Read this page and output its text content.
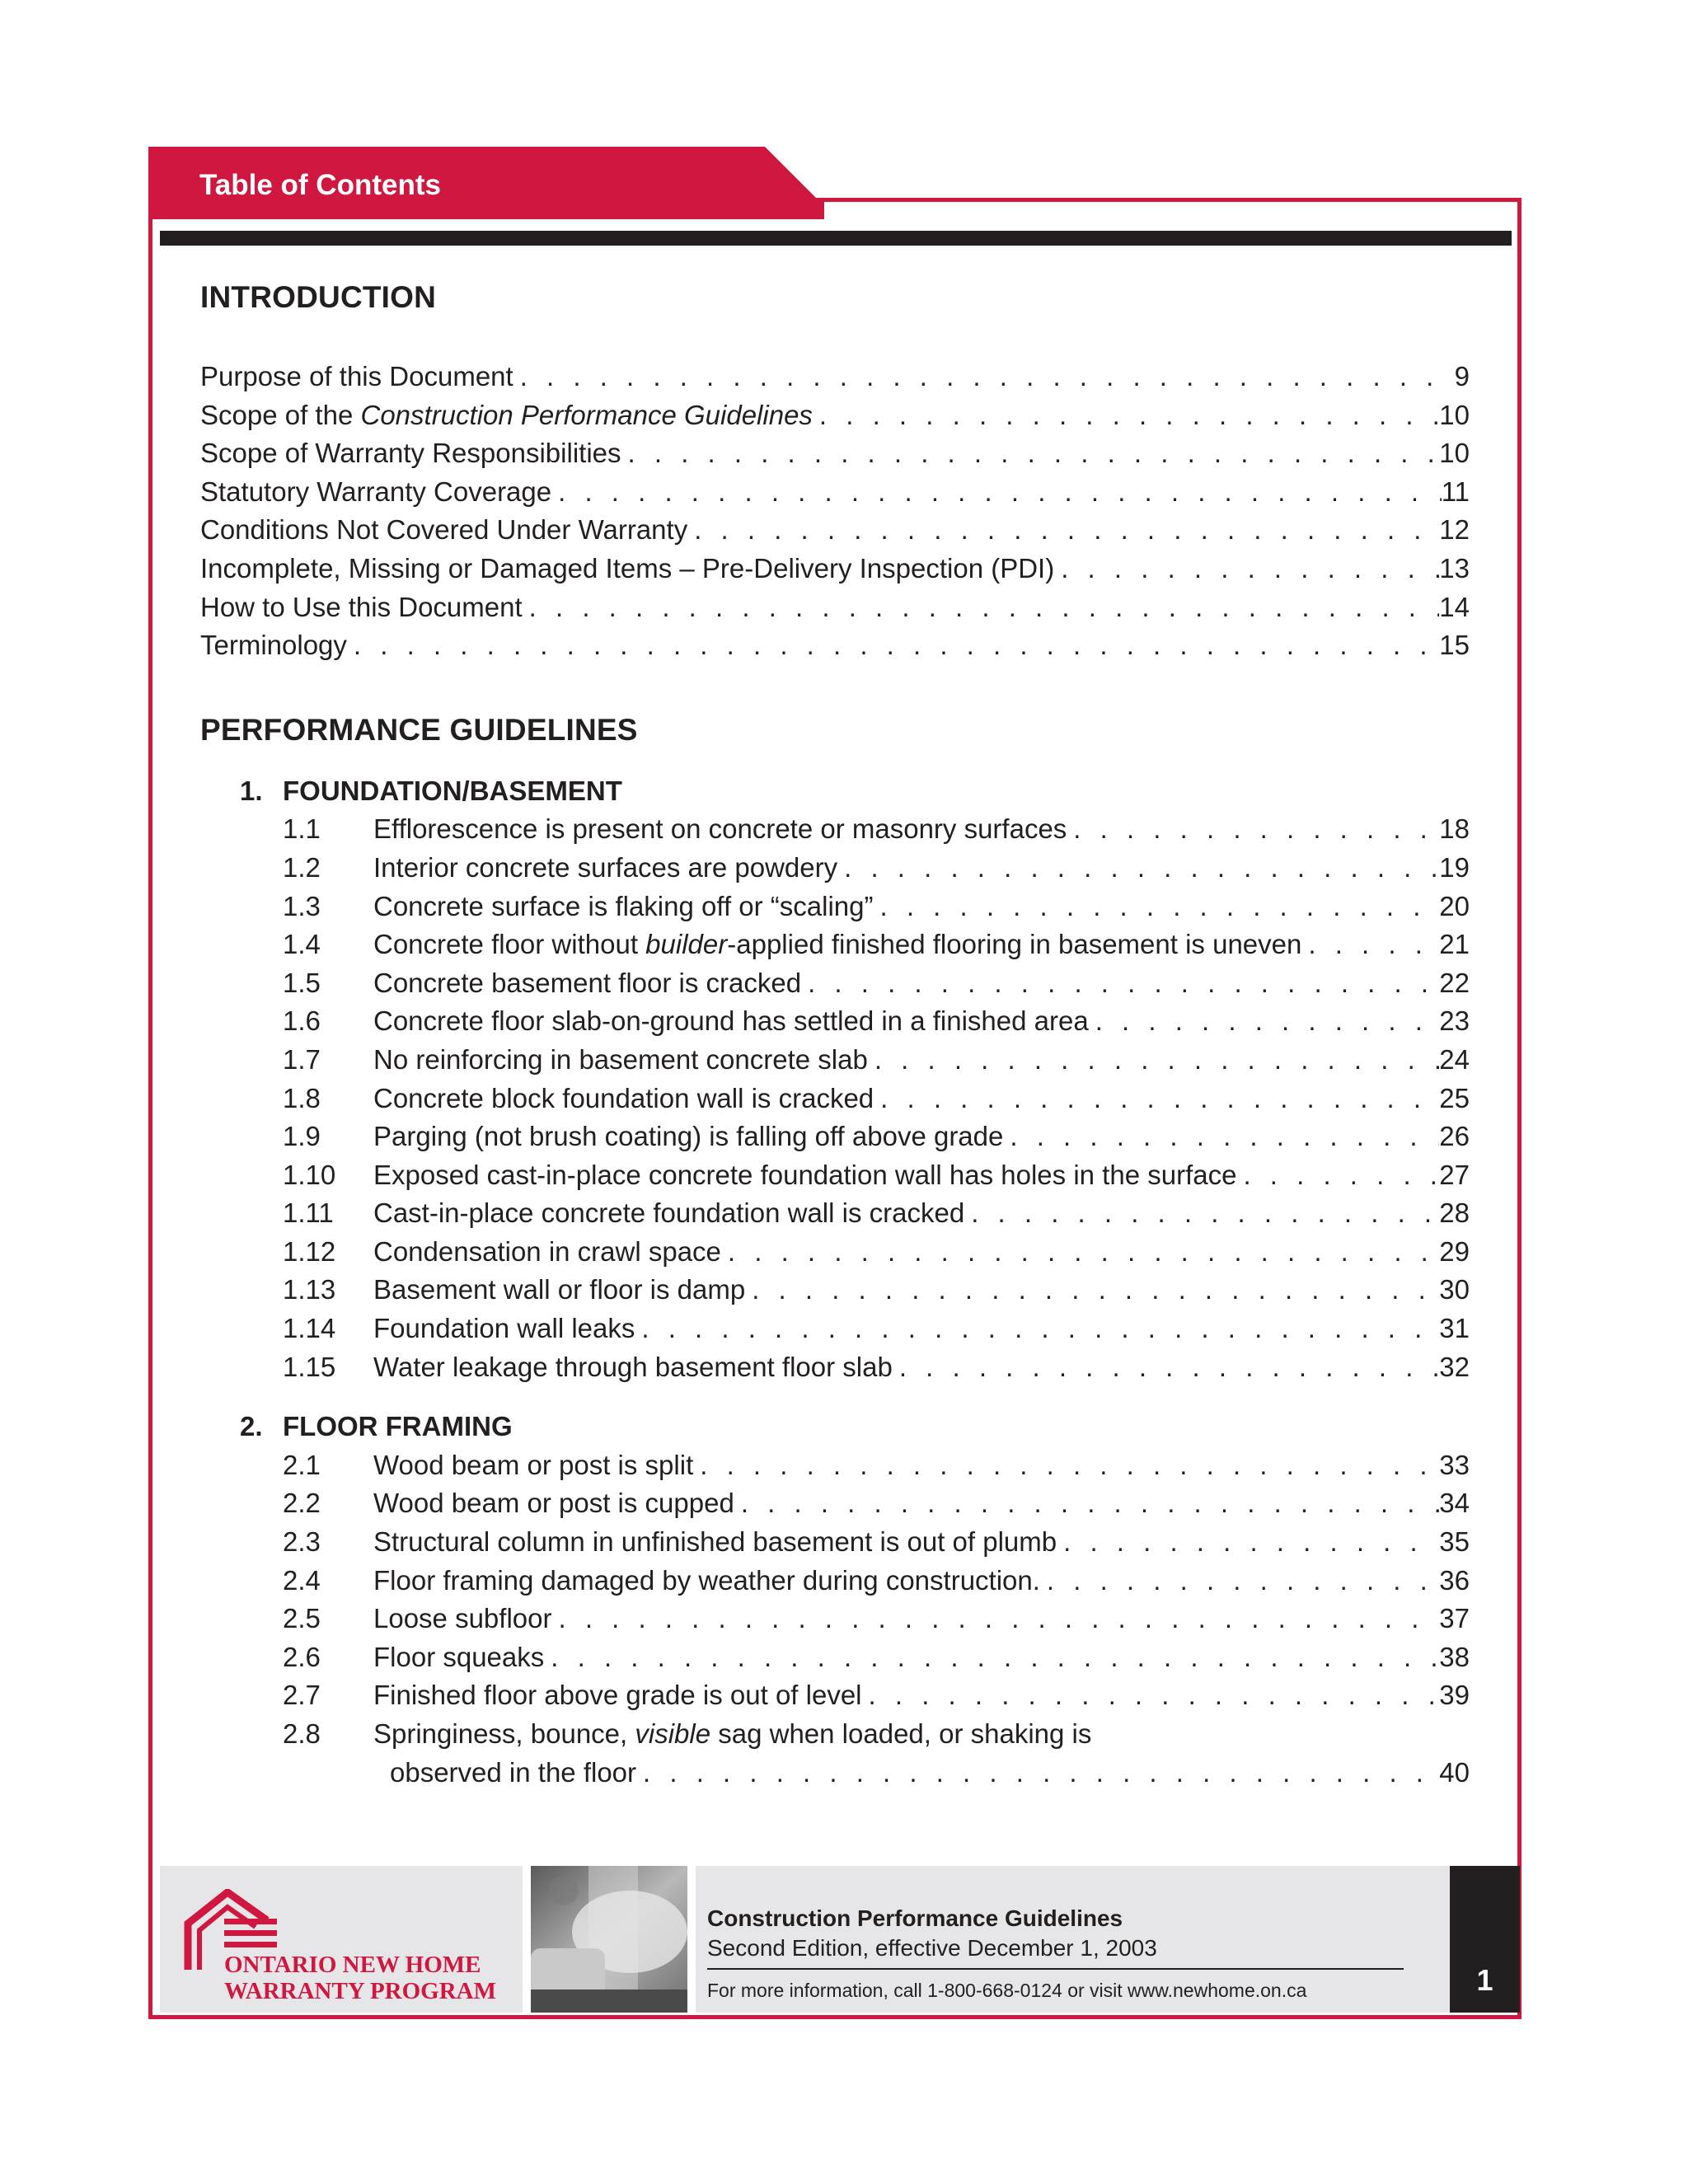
Table of Contents
INTRODUCTION
Purpose of this Document . . .	9
Scope of the Construction Performance Guidelines . . .	10
Scope of Warranty Responsibilities . . .	10
Statutory Warranty Coverage . . .	11
Conditions Not Covered Under Warranty . . .	12
Incomplete, Missing or Damaged Items – Pre-Delivery Inspection (PDI) . . .	13
How to Use this Document . . .	14
Terminology . . .	15
PERFORMANCE GUIDELINES
1. FOUNDATION/BASEMENT
1.1	Efflorescence is present on concrete or masonry surfaces . . .	18
1.2	Interior concrete surfaces are powdery . . .	19
1.3	Concrete surface is flaking off or “scaling” . . .	20
1.4	Concrete floor without builder-applied finished flooring in basement is uneven . . .	21
1.5	Concrete basement floor is cracked . . .	22
1.6	Concrete floor slab-on-ground has settled in a finished area . . .	23
1.7	No reinforcing in basement concrete slab . . .	24
1.8	Concrete block foundation wall is cracked . . .	25
1.9	Parging (not brush coating) is falling off above grade . . .	26
1.10	Exposed cast-in-place concrete foundation wall has holes in the surface . . .	27
1.11	Cast-in-place concrete foundation wall is cracked . . .	28
1.12	Condensation in crawl space . . .	29
1.13	Basement wall or floor is damp . . .	30
1.14	Foundation wall leaks . . .	31
1.15	Water leakage through basement floor slab . . .	32
2. FLOOR FRAMING
2.1	Wood beam or post is split . . .	33
2.2	Wood beam or post is cupped . . .	34
2.3	Structural column in unfinished basement is out of plumb . . .	35
2.4	Floor framing damaged by weather during construction. . . .	36
2.5	Loose subfloor . . .	37
2.6	Floor squeaks . . .	38
2.7	Finished floor above grade is out of level . . .	39
2.8	Springiness, bounce, visible sag when loaded, or shaking is
observed in the floor . . .	40
ONTARIO NEW HOME
WARRANTY PROGRAM
Construction Performance Guidelines
Second Edition, effective December 1, 2003
For more information, call 1-800-668-0124 or visit www.newhome.on.ca	1
